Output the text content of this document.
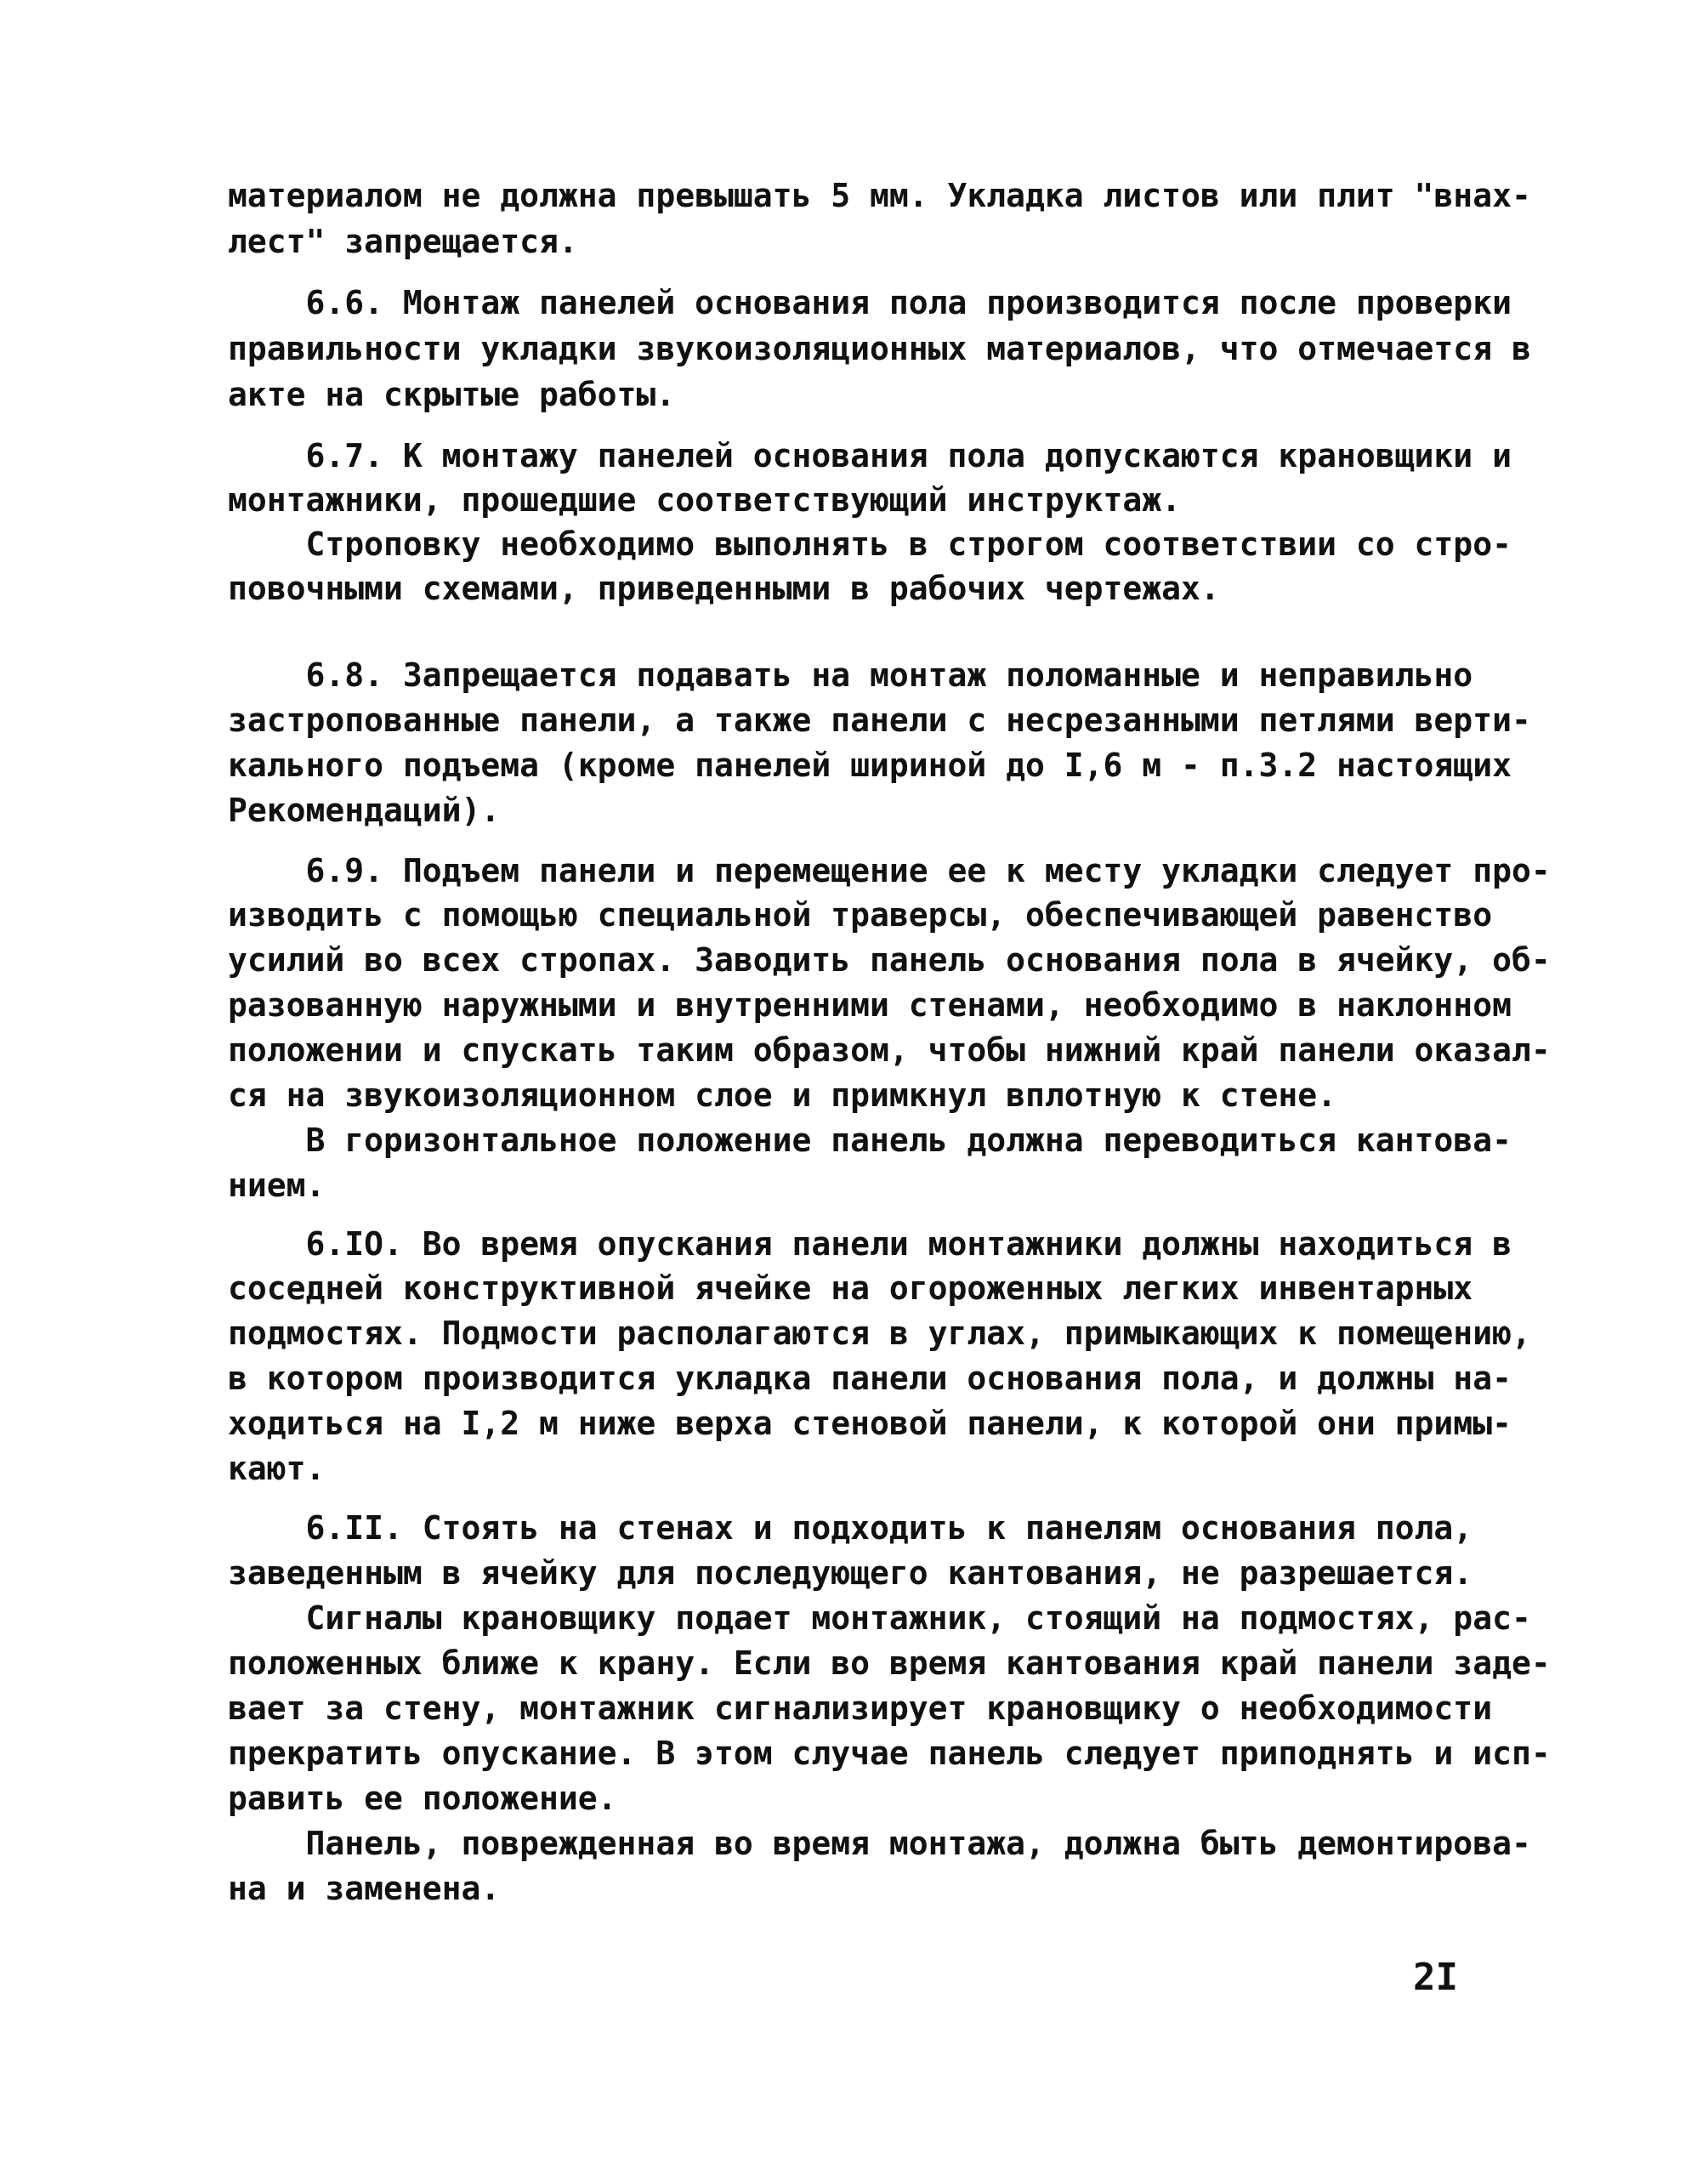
материалом не должна превышать 5 мм. Укладка листов или плит "внах-
лест" запрещается.
6.6. Монтаж панелей основания пола производится после проверки
правильности укладки звукоизоляционных материалов, что отмечается в
акте на скрытые работы.
6.7. К монтажу панелей основания пола допускаются крановщики и
монтажники, прошедшие соответствующий инструктаж.
Строповку необходимо выполнять в строгом соответствии со стро-
повочными схемами, приведенными в рабочих чертежах.
6.8. Запрещается подавать на монтаж поломанные и неправильно
застропованные панели, а также панели с несрезанными петлями верти-
кального подъема (кроме панелей шириной до I,6 м - п.3.2 настоящих
Рекомендаций).
6.9. Подъем панели и перемещение ее к месту укладки следует про-
изводить с помощью специальной траверсы, обеспечивающей равенство
усилий во всех стропах. Заводить панель основания пола в ячейку, об-
разованную наружными и внутренними стенами, необходимо в наклонном
положении и спускать таким образом, чтобы нижний край панели оказал-
ся на звукоизоляционном слое и примкнул вплотную к стене.
В горизонтальное положение панель должна переводиться кантова-
нием.
6.IO. Во время опускания панели монтажники должны находиться в
соседней конструктивной ячейке на огороженных легких инвентарных
подмостях. Подмости располагаются в углах, примыкающих к помещению,
в котором производится укладка панели основания пола, и должны на-
ходиться на I,2 м ниже верха стеновой панели, к которой они примы-
кают.
6.II. Стоять на стенах и подходить к панелям основания пола,
заведенным в ячейку для последующего кантования, не разрешается.
Сигналы крановщику подает монтажник, стоящий на подмостях, рас-
положенных ближе к крану. Если во время кантования край панели заде-
вает за стену, монтажник сигнализирует крановщику о необходимости
прекратить опускание. В этом случае панель следует приподнять и исп-
равить ее положение.
Панель, поврежденная во время монтажа, должна быть демонтирова-
на и заменена.
2I
